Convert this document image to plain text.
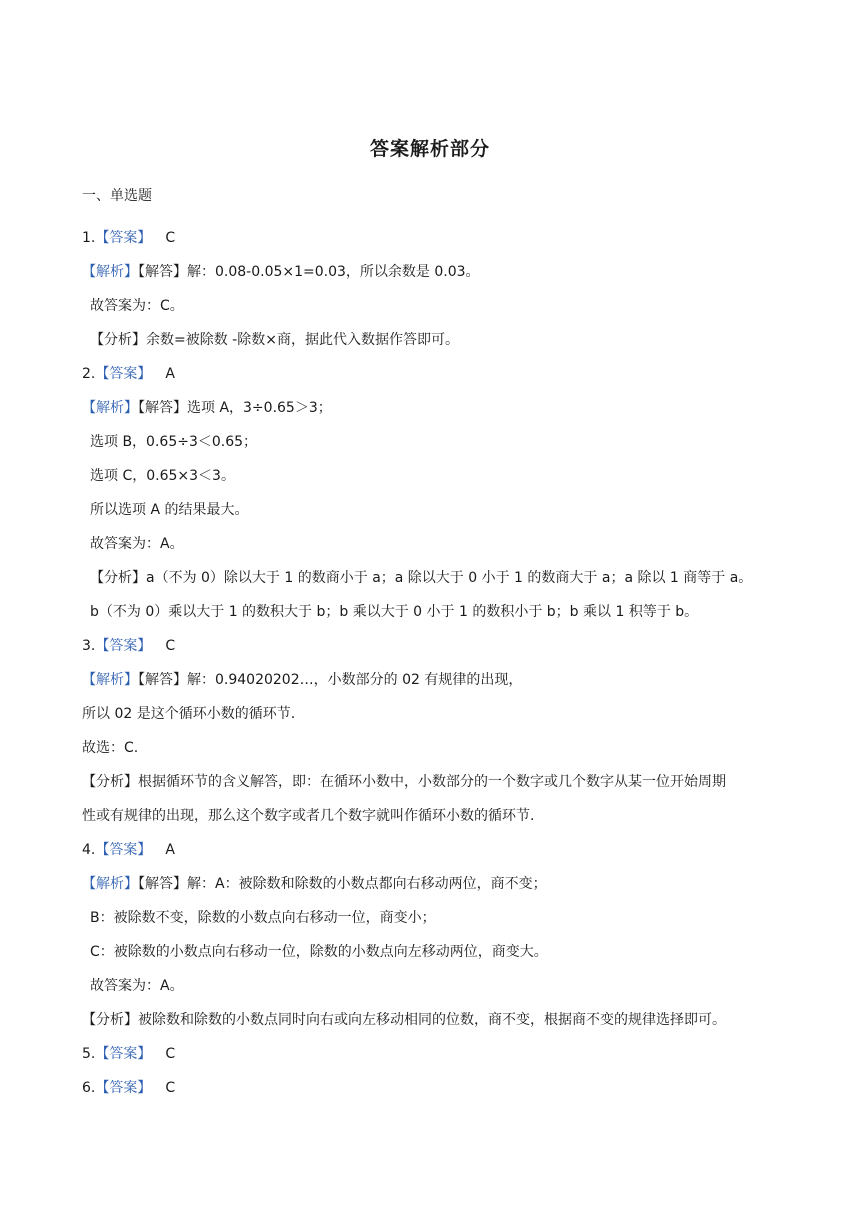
答案解析部分
一、单选题
1.【答案】 C
【解析】【解答】解：0.08-0.05×1=0.03，所以余数是 0.03。
故答案为：C。
【分析】余数=被除数 -除数×商，据此代入数据作答即可。
2.【答案】 A
【解析】【解答】选项 A，3÷0.65＞3；
选项 B，0.65÷3＜0.65；
选项 C，0.65×3＜3。
所以选项 A 的结果最大。
故答案为：A。
【分析】a（不为 0）除以大于 1 的数商小于 a；a 除以大于 0 小于 1 的数商大于 a；a 除以 1 商等于 a。
b（不为 0）乘以大于 1 的数积大于 b；b 乘以大于 0 小于 1 的数积小于 b；b 乘以 1 积等于 b。
3.【答案】 C
【解析】【解答】解：0.94020202…，小数部分的 02 有规律的出现，
所以 02 是这个循环小数的循环节.
故选：C.
【分析】根据循环节的含义解答，即：在循环小数中，小数部分的一个数字或几个数字从某一位开始周期
性或有规律的出现，那么这个数字或者几个数字就叫作循环小数的循环节.
4.【答案】 A
【解析】【解答】解：A：被除数和除数的小数点都向右移动两位，商不变；
B：被除数不变，除数的小数点向右移动一位，商变小；
C：被除数的小数点向右移动一位，除数的小数点向左移动两位，商变大。
故答案为：A。
【分析】被除数和除数的小数点同时向右或向左移动相同的位数，商不变，根据商不变的规律选择即可。
5.【答案】 C
6.【答案】 C
